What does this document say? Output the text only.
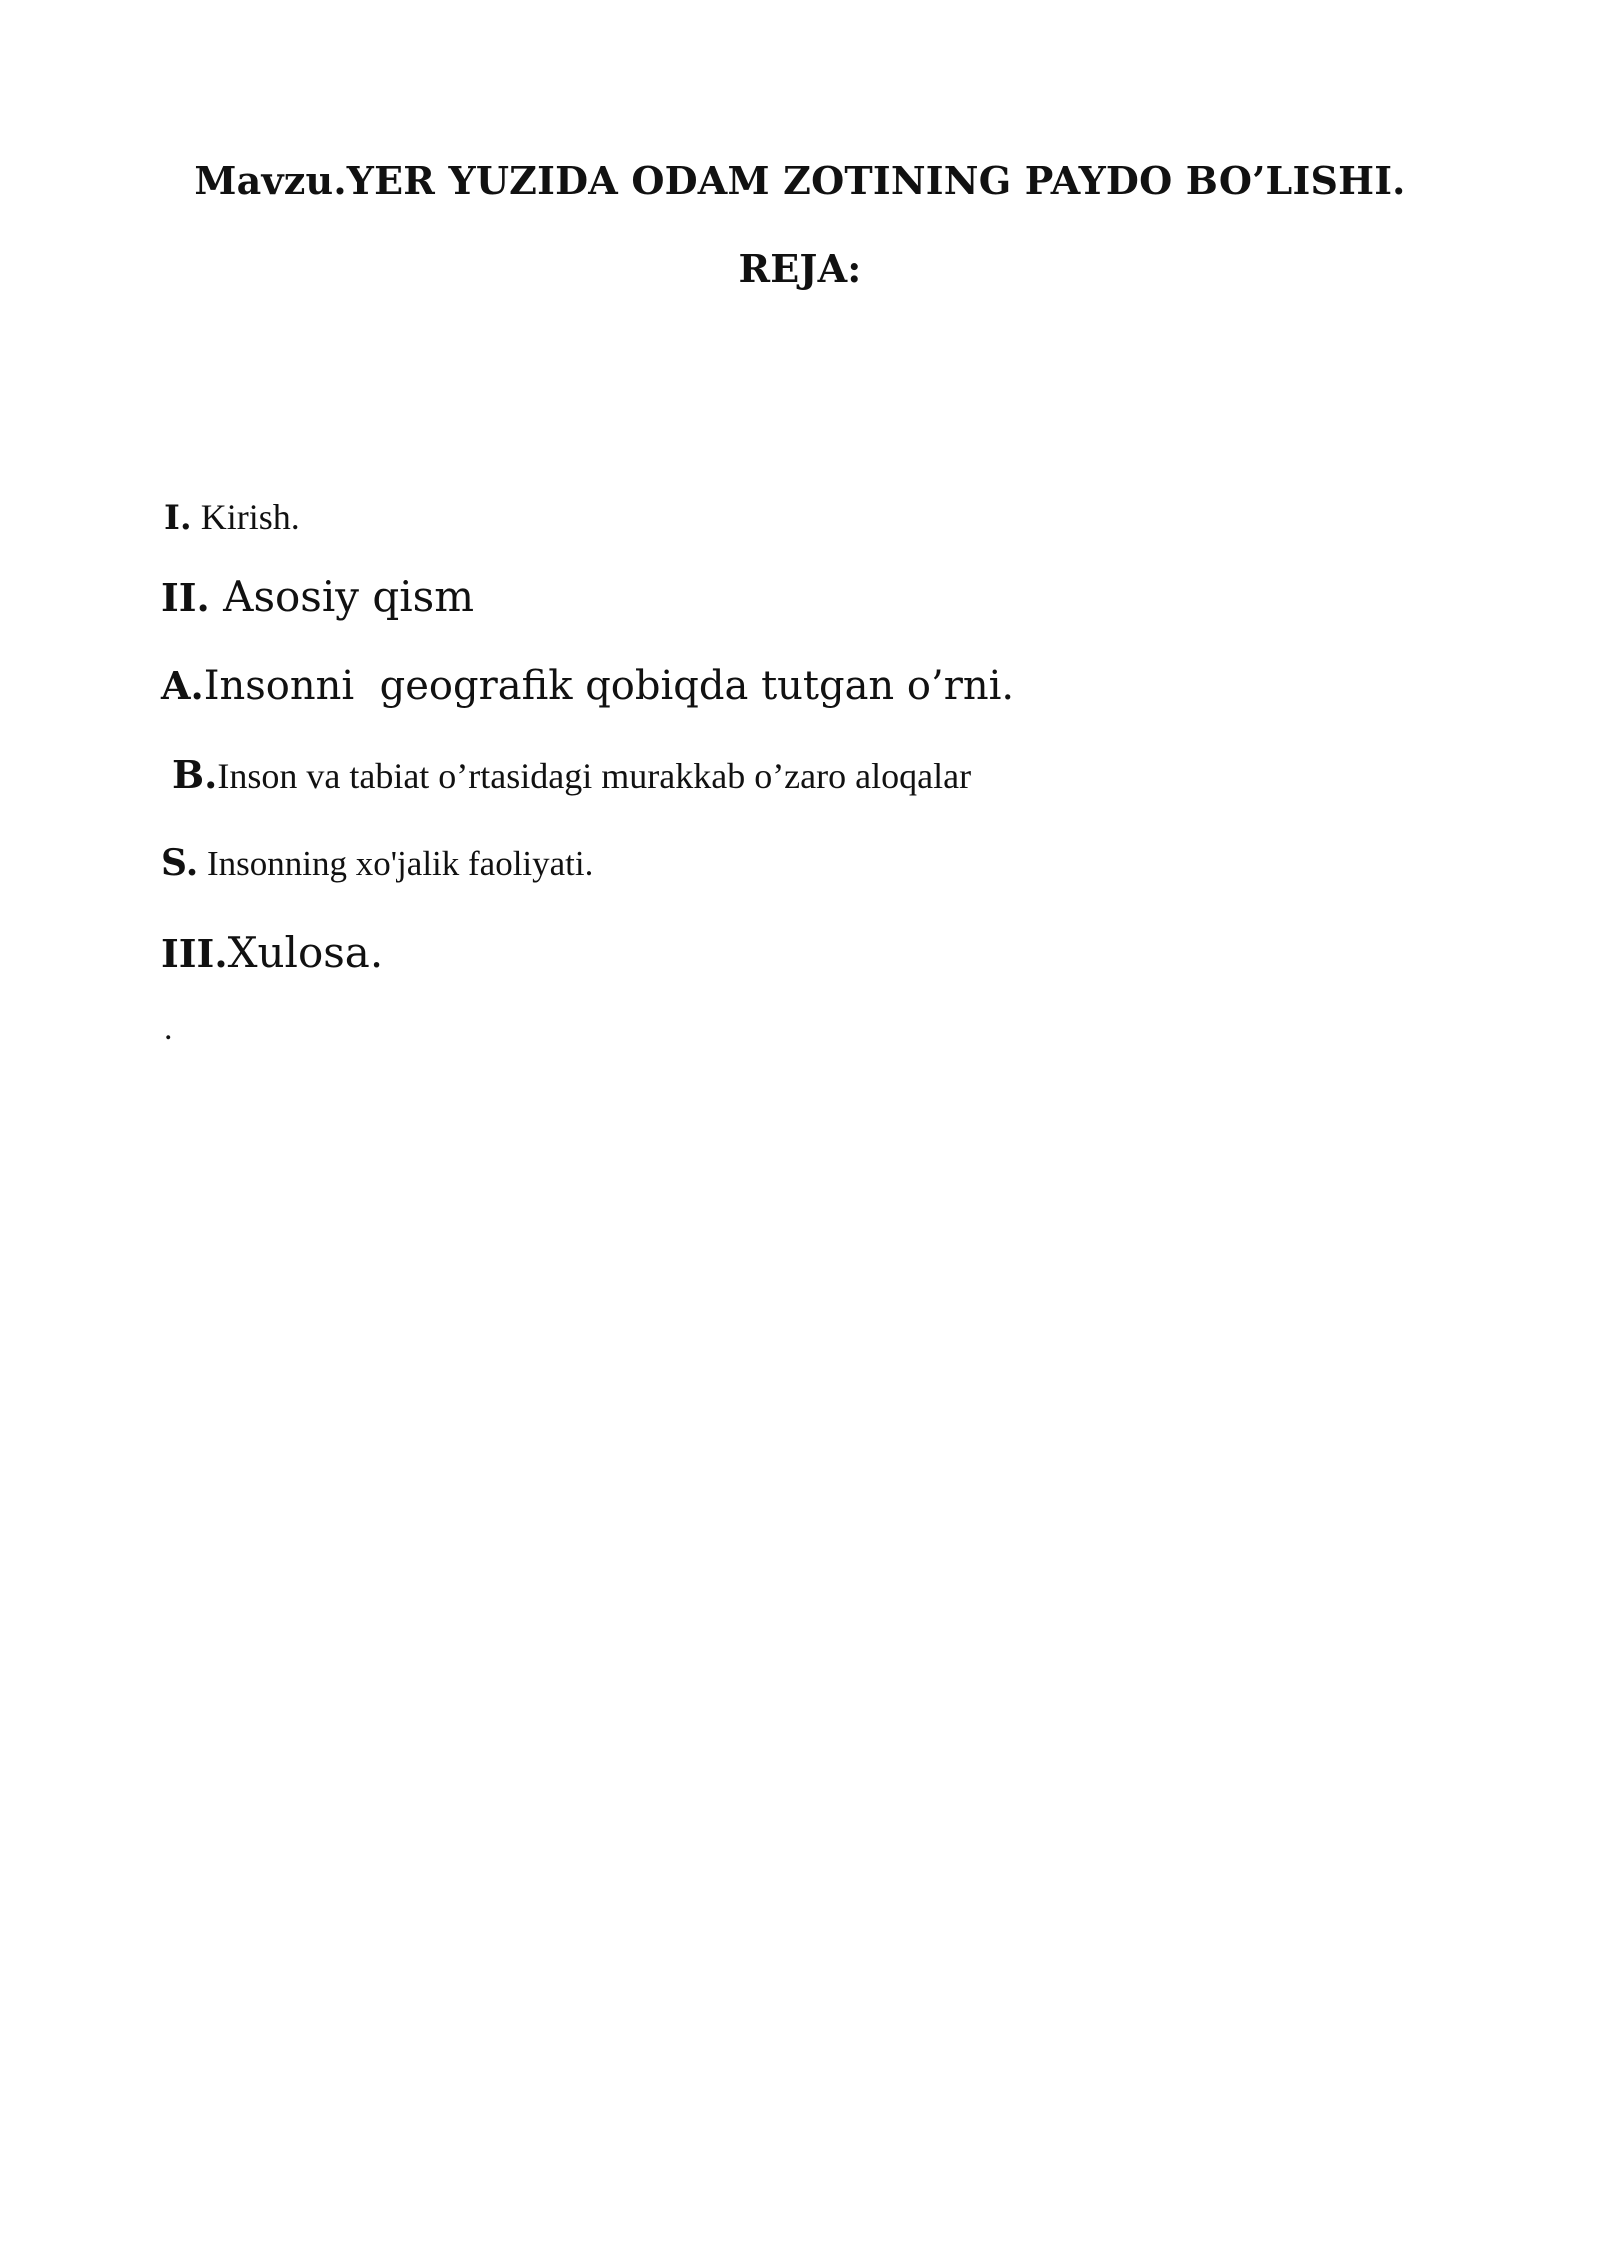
Mavzu.YER YUZIDA ODAM ZOTINING PAYDO BO’LISHI.
REJA:
I. Kirish.
II. Asosiy qism
A.Insonni  geografik qobiqda tutgan o’rni.
B.Inson va tabiat o’rtasidagi murakkab o’zaro aloqalar
S. Insonning xo'jalik faoliyati.
III.Xulosa.
.
